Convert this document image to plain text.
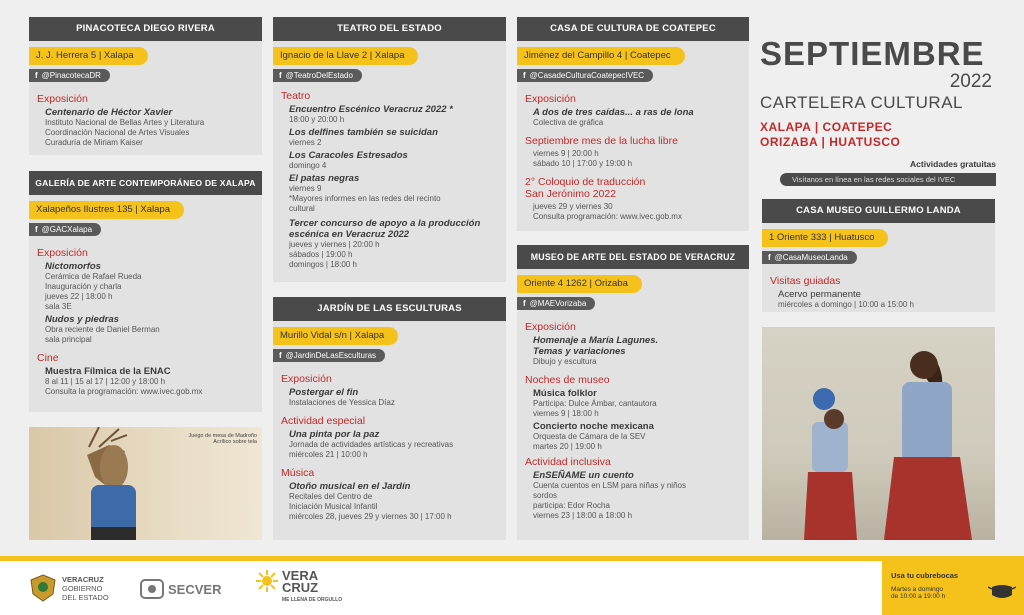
PINACOTECA DIEGO RIVERA
J. J. Herrera 5 | Xalapa
f @PinacotecaDR
Exposición
Centenario de Héctor Xavier
Instituto Nacional de Bellas Artes y Literatura
Coordinación Nacional de Artes Visuales
Curaduría de Miriam Kaiser
GALERÍA DE ARTE CONTEMPORÁNEO DE XALAPA
Xalapeños Ilustres 135 | Xalapa
f @GACXalapa
Exposición
Nictomorfos
Cerámica de Rafael Rueda
Inauguración y charla
jueves 22 | 18:00 h
sala 3E
Nudos y piedras
Obra reciente de Daniel Berman
sala principal
Cine
Muestra Fílmica de la ENAC
8 al 11 | 15 al 17 | 12:00 y 18:00 h
Consulta la programación: www.ivec.gob.mx
Juego de mesa de Madroño
Acrílico sobre tela
TEATRO DEL ESTADO
Ignacio de la Llave 2 | Xalapa
f @TeatroDelEstado
Teatro
Encuentro Escénico Veracruz 2022 *
18:00 y 20:00 h
Los delfines también se suicidan
viernes 2
Los Caracoles Estresados
domingo 4
El patas negras
viernes 9
*Mayores informes en las redes del recinto
cultural
Tercer concurso de apoyo a la producción
escénica en Veracruz 2022
jueves y viernes | 20:00 h
sábados | 19:00 h
domingos | 18:00 h
JARDÍN DE LAS ESCULTURAS
Murillo Vidal s/n | Xalapa
f @JardinDeLasEsculturas
Exposición
Postergar el fin
Instalaciones de Yessica Díaz
Actividad especial
Una pinta por la paz
Jornada de actividades artísticas y recreativas
miércoles 21 | 10:00 h
Música
Otoño musical en el Jardín
Recitales del Centro de
Iniciación Musical Infantil
miércoles 28, jueves 29 y viernes 30 | 17:00 h
CASA DE CULTURA DE COATEPEC
Jiménez del Campillo 4 | Coatepec
f @CasadeCulturaCoatepecIVEC
Exposición
A dos de tres caídas... a ras de lona
Colectiva de gráfica
Septiembre mes de la lucha libre
viernes 9 | 20:00 h
sábado 10 | 17:00 y 19:00 h
2° Coloquio de traducción
San Jerónimo 2022
jueves 29 y viernes 30
Consulta programación: www.ivec.gob.mx
MUSEO DE ARTE DEL ESTADO DE VERACRUZ
Oriente 4 1262 | Orizaba
f @MAEVorizaba
Exposición
Homenaje a María Lagunes.
Temas y variaciones
Dibujo y escultura
Noches de museo
Música folklor
Participa: Dulce Ámbar, cantautora
viernes 9 | 18:00 h
Concierto noche mexicana
Orquesta de Cámara de la SEV
martes 20 | 19:00 h
Actividad inclusiva
EnSEÑAME un cuento
Cuenta cuentos en LSM para niñas y niños
sordos
participa: Edor Rocha
viernes 23 | 18:00 a 18:00 h
SEPTIEMBRE
2022
CARTELERA CULTURAL
XALAPA | COATEPEC
ORIZABA | HUATUSCO
Actividades gratuitas
Visítanos en línea en las redes sociales del IVEC
CASA MUSEO GUILLERMO LANDA
1 Oriente 333 | Huatusco
f @CasaMuseoLanda
Visitas guiadas
Acervo permanente
miércoles a domingo | 10:00 a 15:00 h
VERACRUZ
GOBIERNO
DEL ESTADO
SECVER
VERA
CRUZ
ME LLENA DE ORGULLO
Usa tu cubrebocas
Martes a domingo
de 10:00 a 19:00 h
